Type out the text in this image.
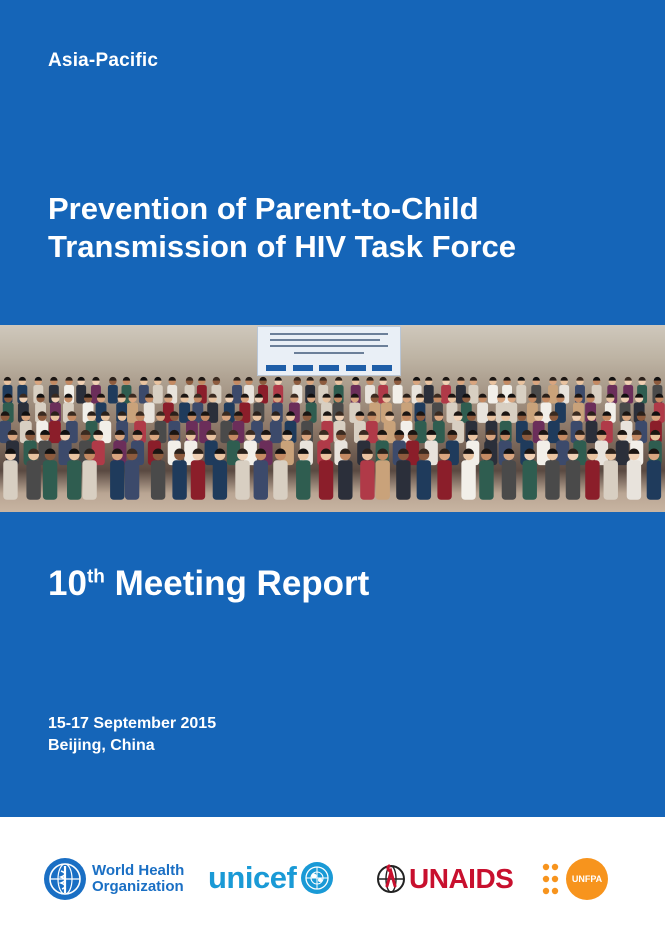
Asia-Pacific
Prevention of Parent-to-Child
Transmission of HIV Task Force
10th Meeting Report
15-17 September 2015
Beijing, China
World Health
Organization unicef	UNAIDS	UNFPA
